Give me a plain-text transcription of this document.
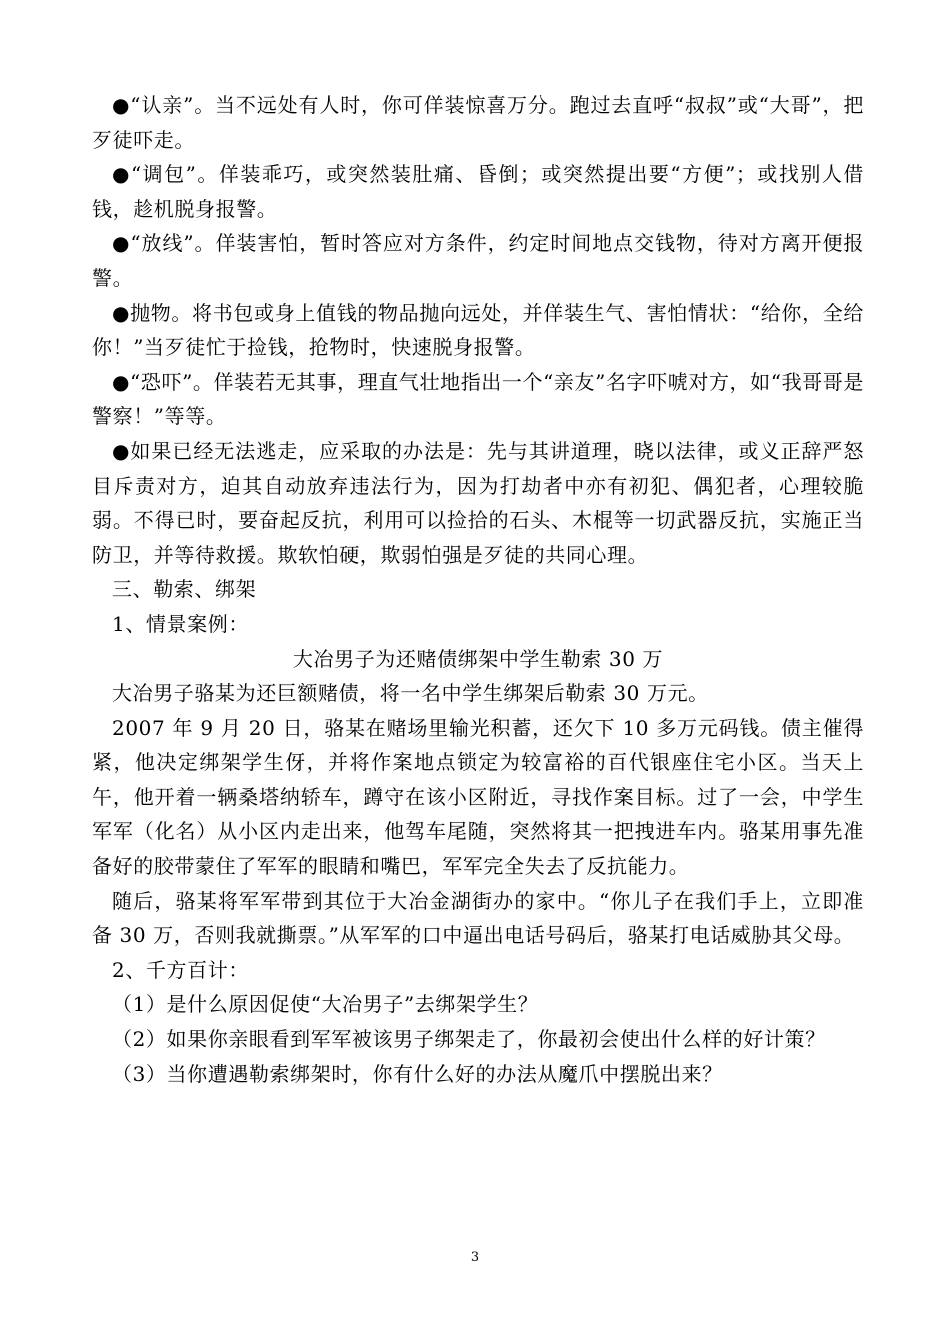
●“认亲”。当不远处有人时，你可佯装惊喜万分。跑过去直呼“叔叔”或“大哥”，把歹徒吓走。

●“调包”。佯装乖巧，或突然装肚痛、昏倒；或突然提出要“方便”；或找别人借钱，趁机脱身报警。

●“放线”。佯装害怕，暂时答应对方条件，约定时间地点交钱物，待对方离开便报警。

●抛物。将书包或身上值钱的物品抛向远处，并佯装生气、害怕情状：“给你，全给你！”当歹徒忙于捡钱，抢物时，快速脱身报警。

●“恐吓”。佯装若无其事，理直气壮地指出一个“亲友”名字吓唬对方，如“我哥哥是警察！”等等。

●如果已经无法逃走，应采取的办法是：先与其讲道理，晓以法律，或义正辞严怒目斥责对方，迫其自动放弃违法行为，因为打劫者中亦有初犯、偶犯者，心理较脆弱。不得已时，要奋起反抗，利用可以捡拾的石头、木棍等一切武器反抗，实施正当防卫，并等待救援。欺软怕硬，欺弱怕强是歹徒的共同心理。

三、勒索、绑架

1、情景案例：

大冶男子为还赌债绑架中学生勒索 30 万

大冶男子骆某为还巨额赌债，将一名中学生绑架后勒索 30 万元。

2007 年 9 月 20 日，骆某在赌场里输光积蓄，还欠下 10 多万元码钱。债主催得紧，他决定绑架学生伢，并将作案地点锁定为较富裕的百代银座住宅小区。当天上午，他开着一辆桑塔纳轿车，蹲守在该小区附近，寻找作案目标。过了一会，中学生军军（化名）从小区内走出来，他驾车尾随，突然将其一把拽进车内。骆某用事先准备好的胶带蒙住了军军的眼睛和嘴巴，军军完全失去了反抗能力。

随后，骆某将军军带到其位于大冶金湖街办的家中。“你儿子在我们手上，立即准备 30 万，否则我就撕票。”从军军的口中逼出电话号码后，骆某打电话威胁其父母。

2、千方百计：

（1）是什么原因促使“大冶男子”去绑架学生？

（2）如果你亲眼看到军军被该男子绑架走了，你最初会使出什么样的好计策？

（3）当你遭遇勒索绑架时，你有什么好的办法从魔爪中摆脱出来？

3
